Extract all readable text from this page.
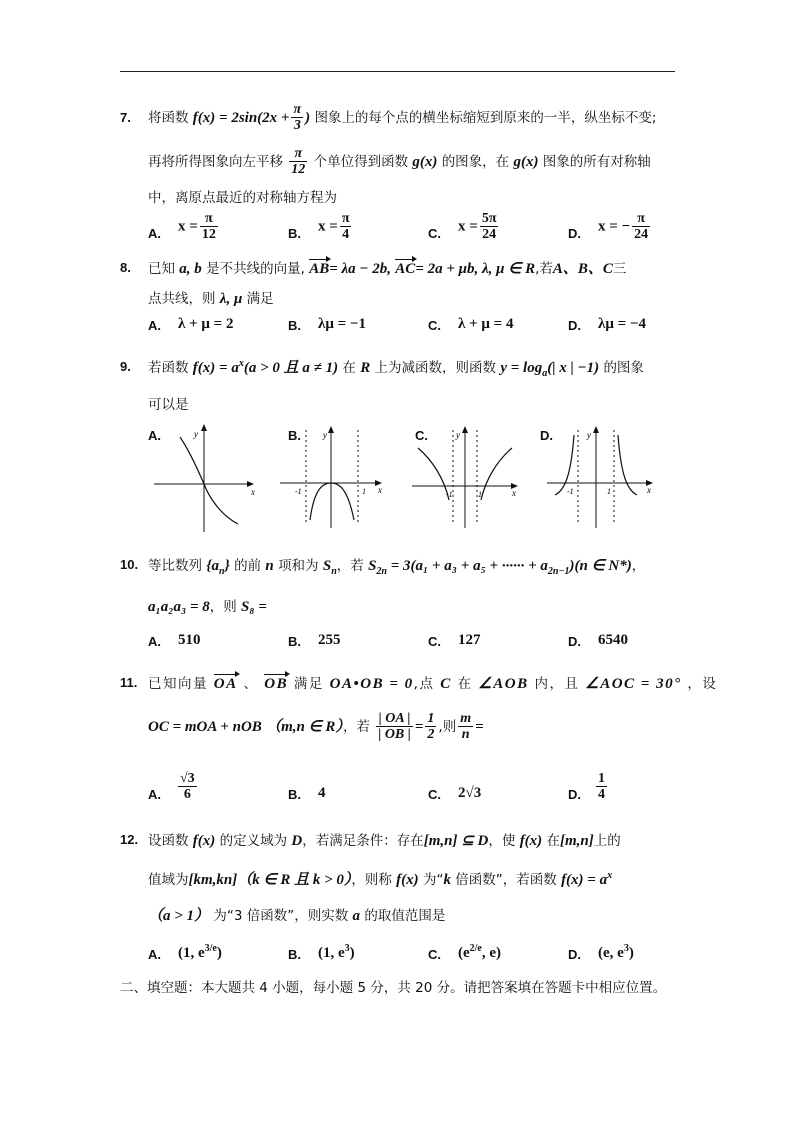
7. 将函数 $f(x) = 2\sin(2x + \frac{\pi}{3}$ ) 图象上的每个点的横坐标缩短到原来的一半，纵坐标不变;
再将所得图象向左平移 $\frac{\pi}{12}$ 个单位得到函数 g(x) 的图象，在 g(x) 图象的所有对称轴
中，离原点最近的对称轴方程为
A. $x = \frac{\pi}{12}$	B. $x = \frac{\pi}{4}$	C. $x = \frac{5\pi}{24}$	D. x = − $\frac{\pi}{24}$
8. 已知 a, b 是不共线的向量, AB= λa − 2b, AC= 2a + μb, λ, μ ∈ R,若A、B、C三
点共线，则 λ, μ 满足
A. λ + μ = 2	B. λμ = −1	C. λ + μ = 4	D. λμ = −4
9. 若函数 $f(x) = a^x(a > 0$ 且 a ≠ 1) 在 R 上为减函数，则函数 $y = \log_a(|$ x | −1) 的图象
可以是
A.	y
x
B. y
x
-1	1
C.	y
x
-1	1
D.	y
x
-1	1
10. 等比数列 $\{a_n\}$ 的前 n 项和为 $S_n$，若 $S_{2n} = 3(a_1 + a_3 + a_5$ + ······ + $a_{2n-1})(n$ ∈ N*)，
a₁a₂a₃ = 8，则 S₈ =
A. 510	B. 255	C. 127	D. 6540
11. 已知向量 OA 、 OB 满足 OA•OB = 0,点 C 在 ∠AOB 内，且 ∠AOC = 30° ，设
OC = mOA + nOB （m,n ∈ R），若 $\frac{| OA |}{| OB |} = \frac{1}{2}$ ,则 $\frac{m}{n}$ =
A. $\frac{√3}{6}$	B. 4	C. 2√3	D. $\frac{1}{4}$
12. 设函数 f(x) 的定义域为 D，若满足条件：存在[m,n] ⊆ D，使 f(x) 在[m,n]上的
值域为[km,kn]（k ∈ R 且 k > 0），则称 f(x) 为“k 倍函数”，若函数 $f(x) = a^x$
（a > 1） 为“3 倍函数”，则实数 a 的取值范围是
A. (1, $e^{3/e}$)	B. (1, $e^3$)	C. ($e^{2/e}$, e)	D. (e, $e^3$)
二、填空题：本大题共 4 小题，每小题 5 分，共 20 分。请把答案填在答题卡中相应位置。
